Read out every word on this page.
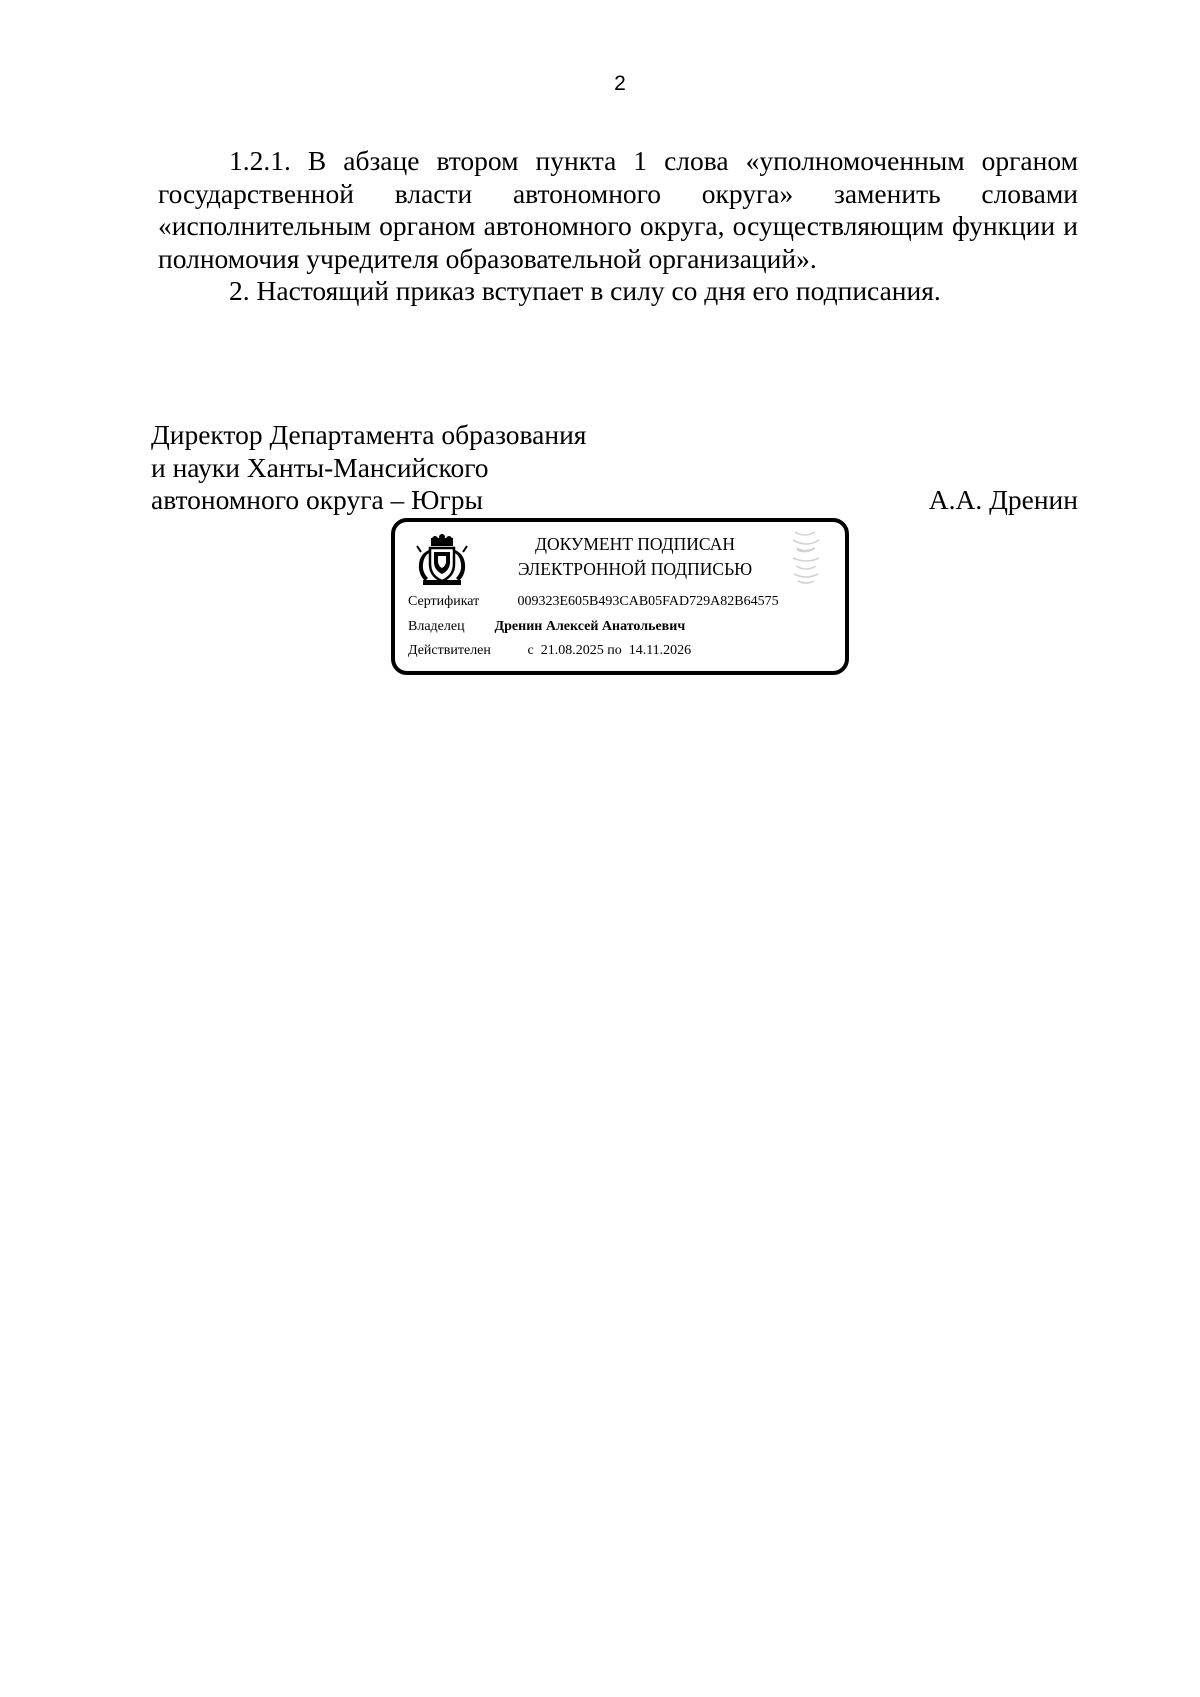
2

1.2.1. В абзаце втором пункта 1 слова «уполномоченным органом государственной власти автономного округа» заменить словами «исполнительным органом автономного округа, осуществляющим функции и полномочия учредителя образовательной организаций».

2. Настоящий приказ вступает в силу со дня его подписания.

Директор Департамента образования
и науки Ханты-Мансийского
автономного округа – Югры	А.А. Дренин
ДОКУМЕНТ ПОДПИСАН
ЭЛЕКТРОННОЙ ПОДПИСЬЮ
Сертификат	009323E605B493CAB05FAD729A82B64575
Владелец Дренин Алексей Анатольевич
Действителен	с  21.08.2025 по  14.11.2026
